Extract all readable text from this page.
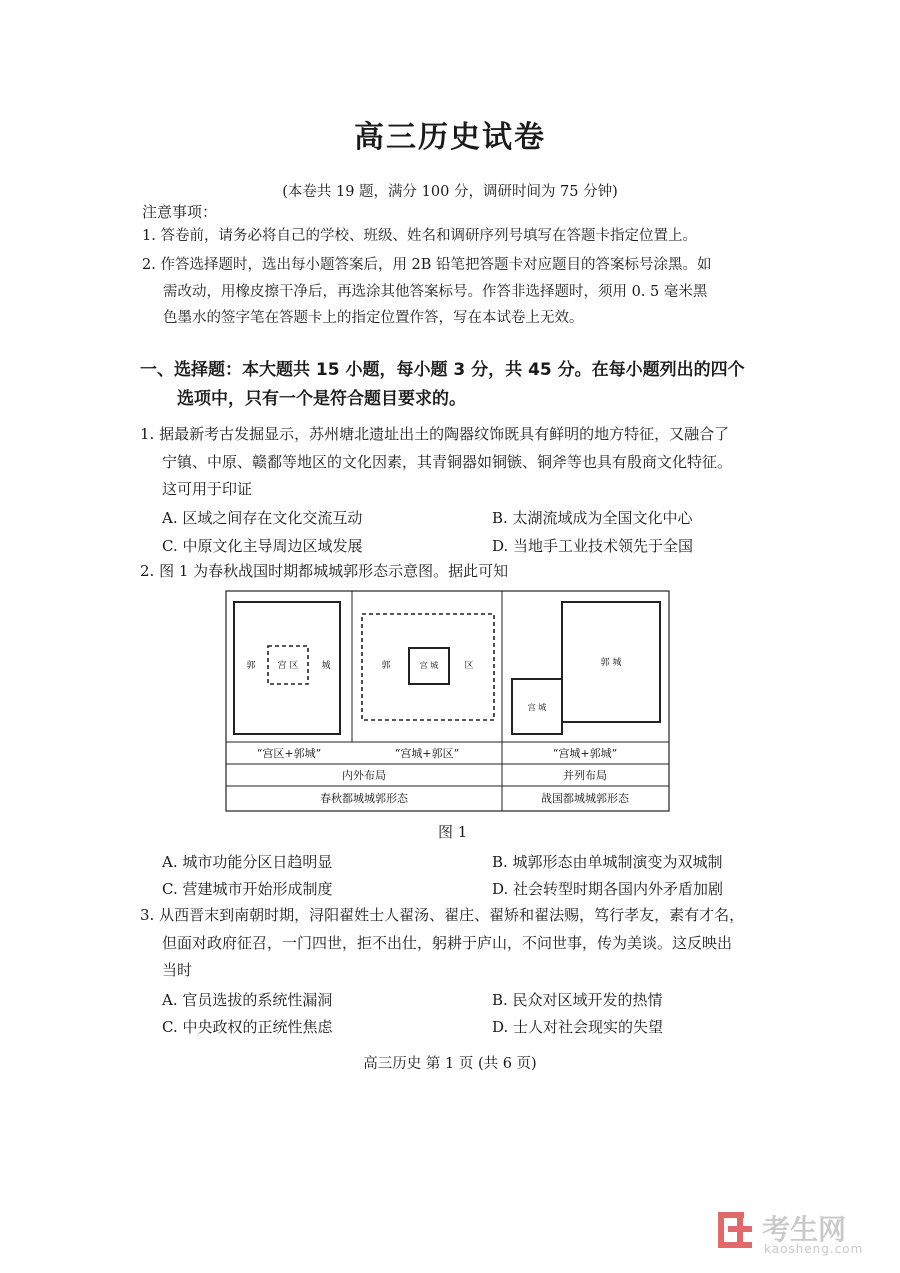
高三历史试卷
(本卷共 19 题，满分 100 分，调研时间为 75 分钟)
注意事项：
1. 答卷前，请务必将自己的学校、班级、姓名和调研序列号填写在答题卡指定位置上。
2. 作答选择题时，选出每小题答案后，用 2B 铅笔把答题卡对应题目的答案标号涂黑。如
需改动，用橡皮擦干净后，再选涂其他答案标号。作答非选择题时，须用 0. 5 毫米黑
色墨水的签字笔在答题卡上的指定位置作答，写在本试卷上无效。
一、选择题：本大题共 15 小题，每小题 3 分，共 45 分。在每小题列出的四个
选项中，只有一个是符合题目要求的。
1. 据最新考古发掘显示，苏州塘北遗址出土的陶器纹饰既具有鲜明的地方特征，又融合了
宁镇、中原、赣鄱等地区的文化因素，其青铜器如铜镞、铜斧等也具有殷商文化特征。
这可用于印证
A. 区域之间存在文化交流互动	B. 太湖流域成为全国文化中心
C. 中原文化主导周边区域发展	D. 当地手工业技术领先于全国
2. 图 1 为春秋战国时期都城城郭形态示意图。据此可知
郭 宫 区	城	郭	宫 城	区	郭 城
宫 城
“宫区+郭城”	“宫城+郭区”	“宫城+郭城”
内外布局	并列布局
春秋都城城郭形态	战国都城城郭形态
图 1
A. 城市功能分区日趋明显	B. 城郭形态由单城制演变为双城制
C. 营建城市开始形成制度	D. 社会转型时期各国内外矛盾加剧
3. 从西晋末到南朝时期，浔阳翟姓士人翟汤、翟庄、翟矫和翟法赐，笃行孝友，素有才名，
但面对政府征召，一门四世，拒不出仕，躬耕于庐山，不问世事，传为美谈。这反映出
当时
A. 官员选拔的系统性漏洞	B. 民众对区域开发的热情
C. 中央政权的正统性焦虑	D. 士人对社会现实的失望
高三历史 第 1 页 (共 6 页)
考生网
kaosheng.com
